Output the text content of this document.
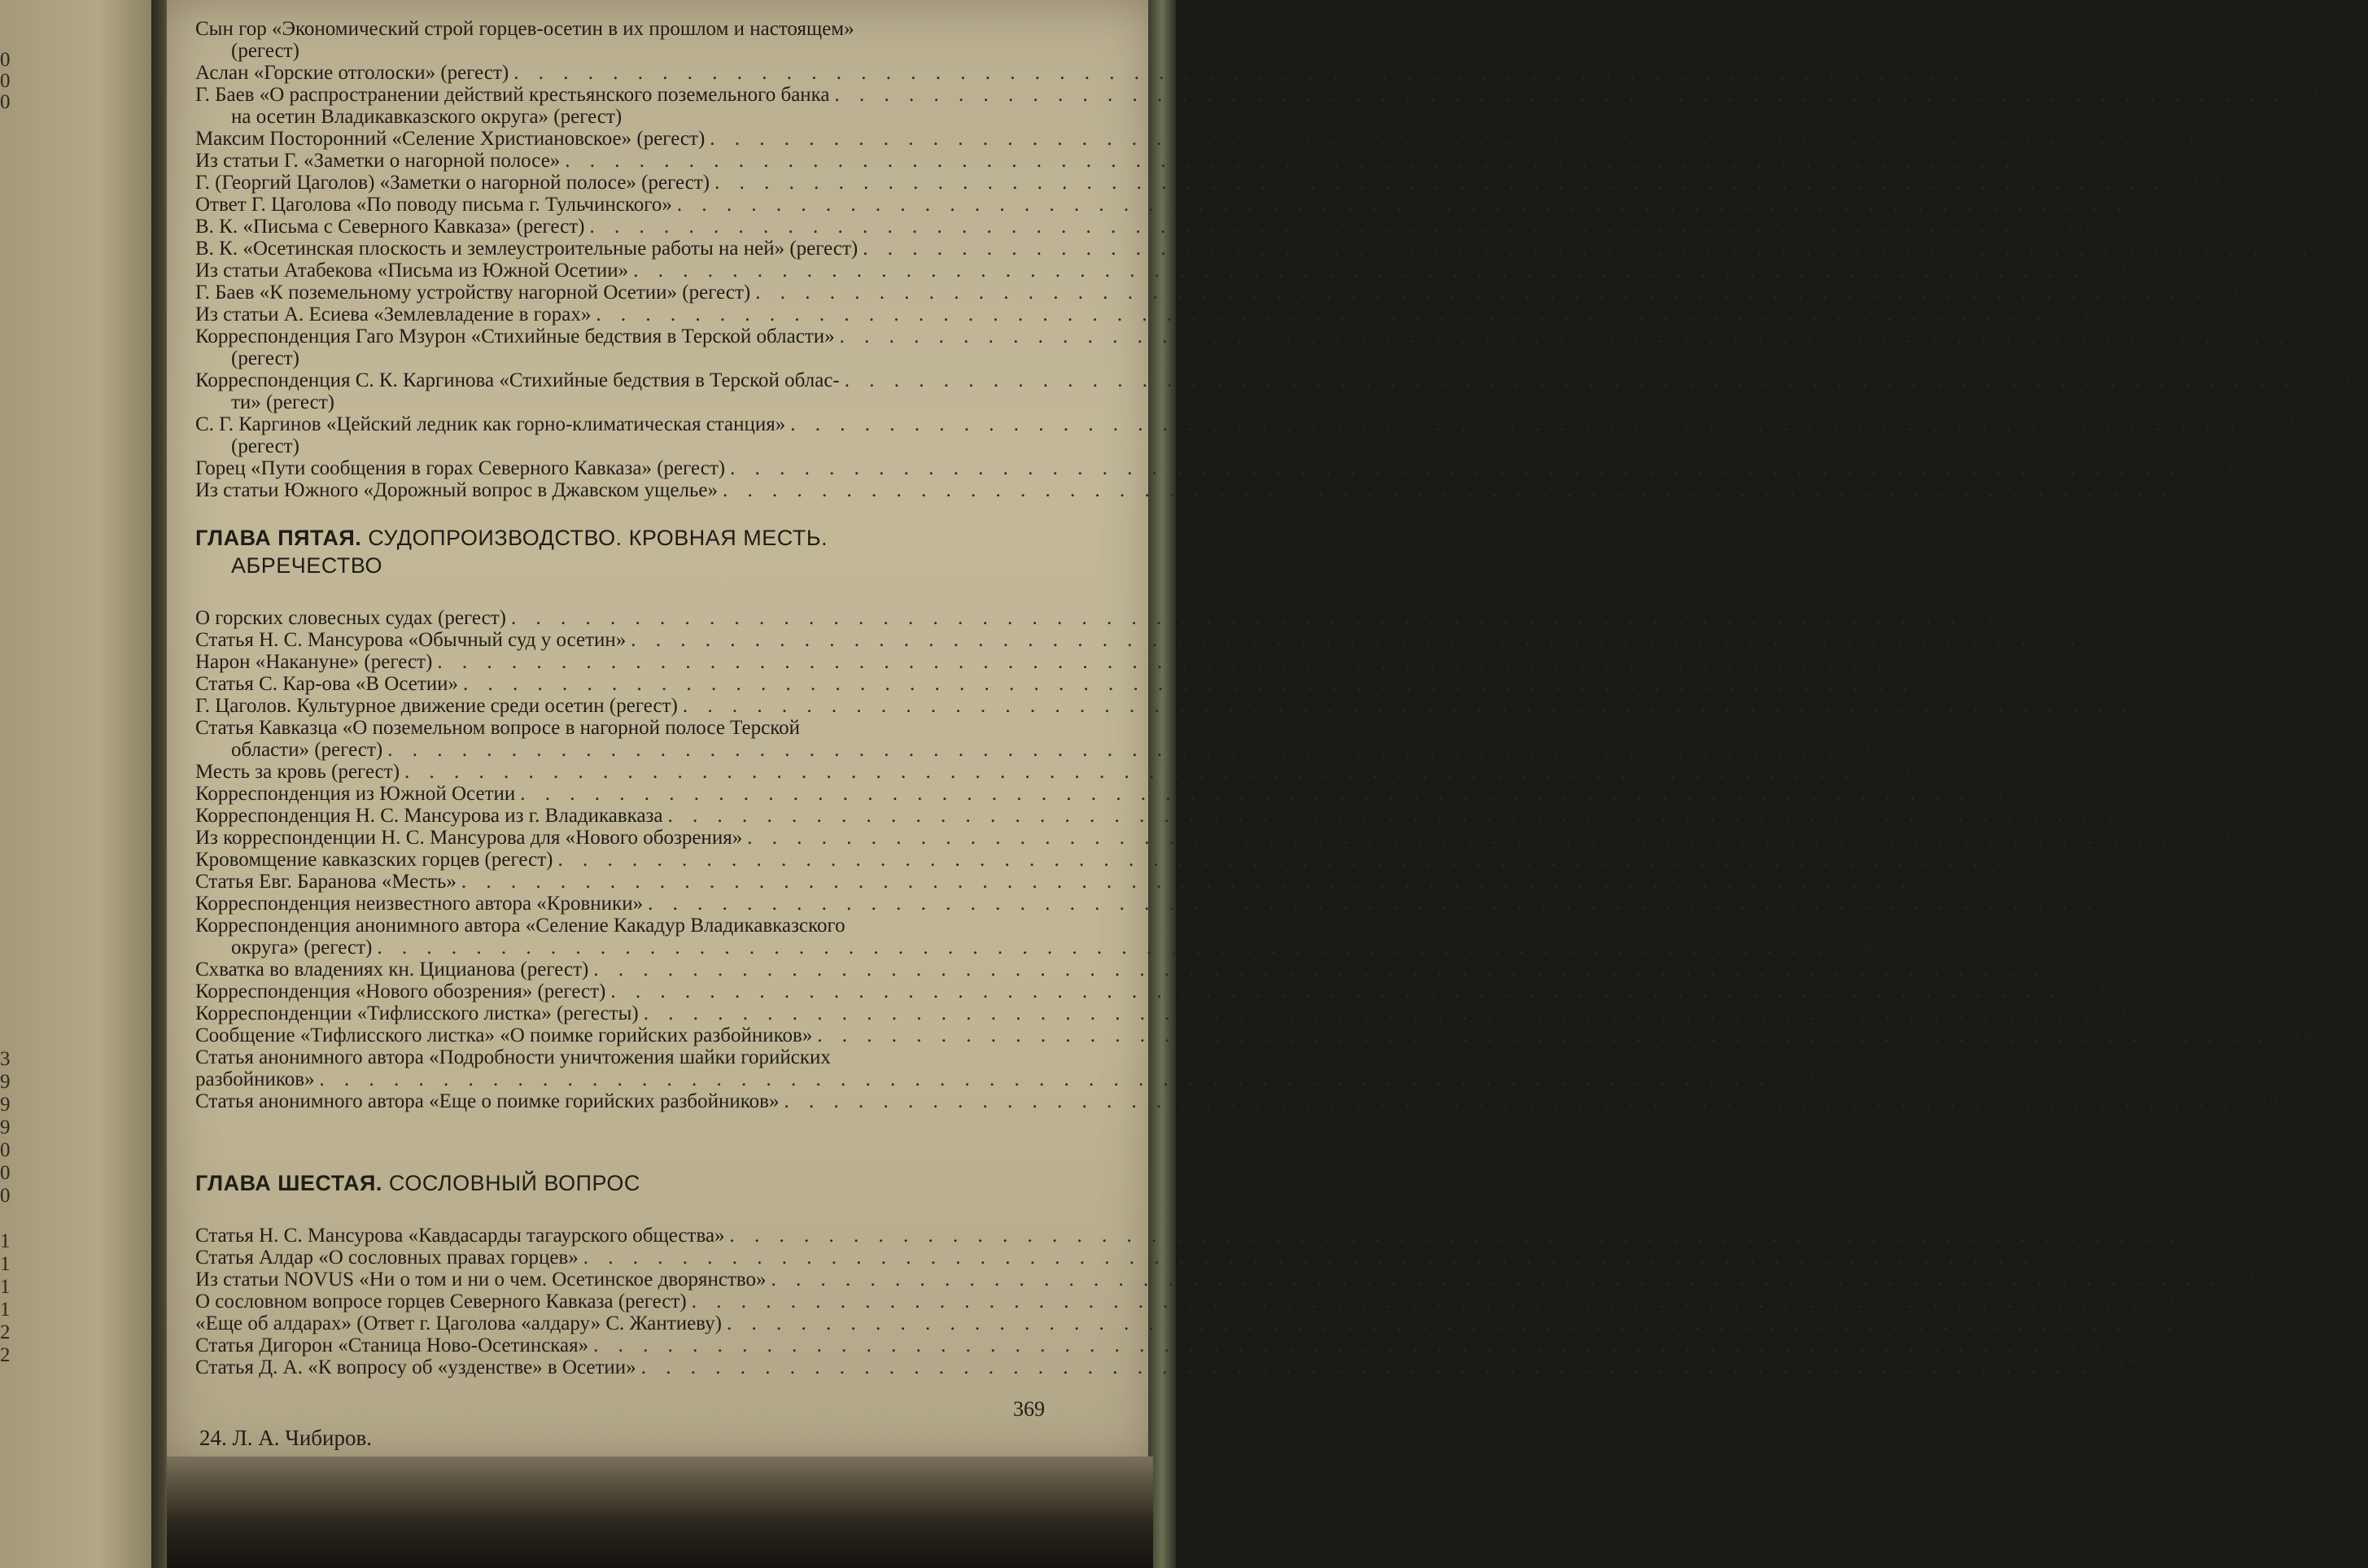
0
0
0
3
9
9
9
0
0
0
1
1
1
1
2
2
Сын гор «Экономический строй горцев-осетин в их прошлом и настоящем»
(регест)
Аслан «Горские отголоски» (регест) . . .	112
Г. Баев «О распространении действий крестьянского поземельного банка . . .	113
на осетин Владикавказского округа» (регест)
Максим Посторонний «Селение Христиановское» (регест) . . .	113
Из статьи Г. «Заметки о нагорной полосе» . . .	113
Г. (Георгий Цаголов) «Заметки о нагорной полосе» (регест) . . .	114
Ответ Г. Цаголова «По поводу письма г. Тульчинского» . . .	115
В. К. «Письма с Северного Кавказа» (регест) . . .	116
В. К. «Осетинская плоскость и землеустроительные работы на ней» (регест) . . .	117
Из статьи Атабекова «Письма из Южной Осетии» . . .	117
Г. Баев «К поземельному устройству нагорной Осетии» (регест) . . .	117
Из статьи А. Есиева «Землевладение в горах» . . .	119
Корреспонденция Гаго Мзурон «Стихийные бедствия в Терской области» . . .	120
(регест)
Корреспонденция С. К. Каргинова «Стихийные бедствия в Терской облас- . . .	120
ти» (регест)
С. Г. Каргинов «Цейский ледник как горно-климатическая станция» . . .	121
(регест)
Горец «Пути сообщения в горах Северного Кавказа» (регест) . . .	121
Из статьи Южного «Дорожный вопрос в Джавском ущелье» . . .	121
ГЛАВА ПЯТАЯ. СУДОПРОИЗВОДСТВО. КРОВНАЯ МЕСТЬ.
АБРЕЧЕСТВО
О горских словесных судах (регест) . . .	122
Статья Н. С. Мансурова «Обычный суд у осетин» . . .	122
Нарон «Накануне» (регест) . . .	137
Статья С. Кар-ова «В Осетии» . . .	137
Г. Цаголов. Культурное движение среди осетин (регест) . . .	138
Статья Кавказца «О поземельном вопросе в нагорной полосе Терской
области» (регест) . . .	139
Месть за кровь (регест) . . .	139
Корреспонденция из Южной Осетии . . .	139
Корреспонденция Н. С. Мансурова из г. Владикавказа . . .	139
Из корреспонденции Н. С. Мансурова для «Нового обозрения» . . .	140
Кровомщение кавказских горцев (регест) . . .	142
Статья Евг. Баранова «Месть» . . .	142
Корреспонденция неизвестного автора «Кровники» . . .	145
Корреспонденция анонимного автора «Селение Какадур Владикавказского
округа» (регест) . . .	145
Схватка во владениях кн. Цицианова (регест) . . .	146
Корреспонденция «Нового обозрения» (регест) . . .	146
Корреспонденции «Тифлисского листка» (регесты) . . .	146
Сообщение «Тифлисского листка» «О поимке горийских разбойников» . . .	146
Статья анонимного автора «Подробности уничтожения шайки горийских
разбойников» . . .	146
Статья анонимного автора «Еще о поимке горийских разбойников» . . .	148
ГЛАВА ШЕСТАЯ. СОСЛОВНЫЙ ВОПРОС
Статья Н. С. Мансурова «Кавдасарды тагаурского общества» . . .	151
Статья Алдар «О сословных правах горцев» . . .	155
Из статьи NOVUS «Ни о том и ни о чем. Осетинское дворянство» . . .	165
О сословном вопросе горцев Северного Кавказа (регест) . . .	167
«Еще об алдарах» (Ответ г. Цаголова «алдару» С. Жантиеву) . . .	167
Статья Дигорон «Станица Ново-Осетинская» . . .	176
Статья Д. А. «К вопросу об «узденстве» в Осетии» . . .	178
369
24. Л. А. Чибиров.
